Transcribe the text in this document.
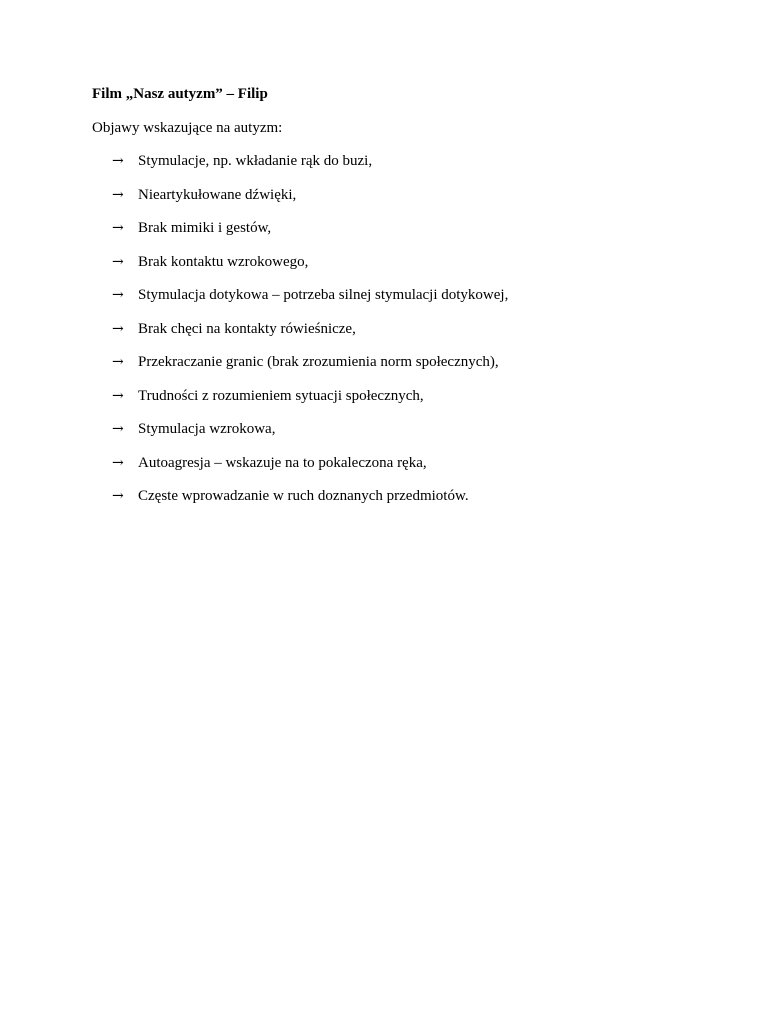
Film „Nasz autyzm” – Filip

Objawy wskazujące na autyzm:

→ Stymulacje, np. wkładanie rąk do buzi,
→ Nieartykułowane dźwięki,
→ Brak mimiki i gestów,
→ Brak kontaktu wzrokowego,
→ Stymulacja dotykowa – potrzeba silnej stymulacji dotykowej,
→ Brak chęci na kontakty rówieśnicze,
→ Przekraczanie granic (brak zrozumienia norm społecznych),
→ Trudności z rozumieniem sytuacji społecznych,
→ Stymulacja wzrokowa,
→ Autoagresja – wskazuje na to pokaleczona ręka,
→ Częste wprowadzanie w ruch doznanych przedmiotów.
